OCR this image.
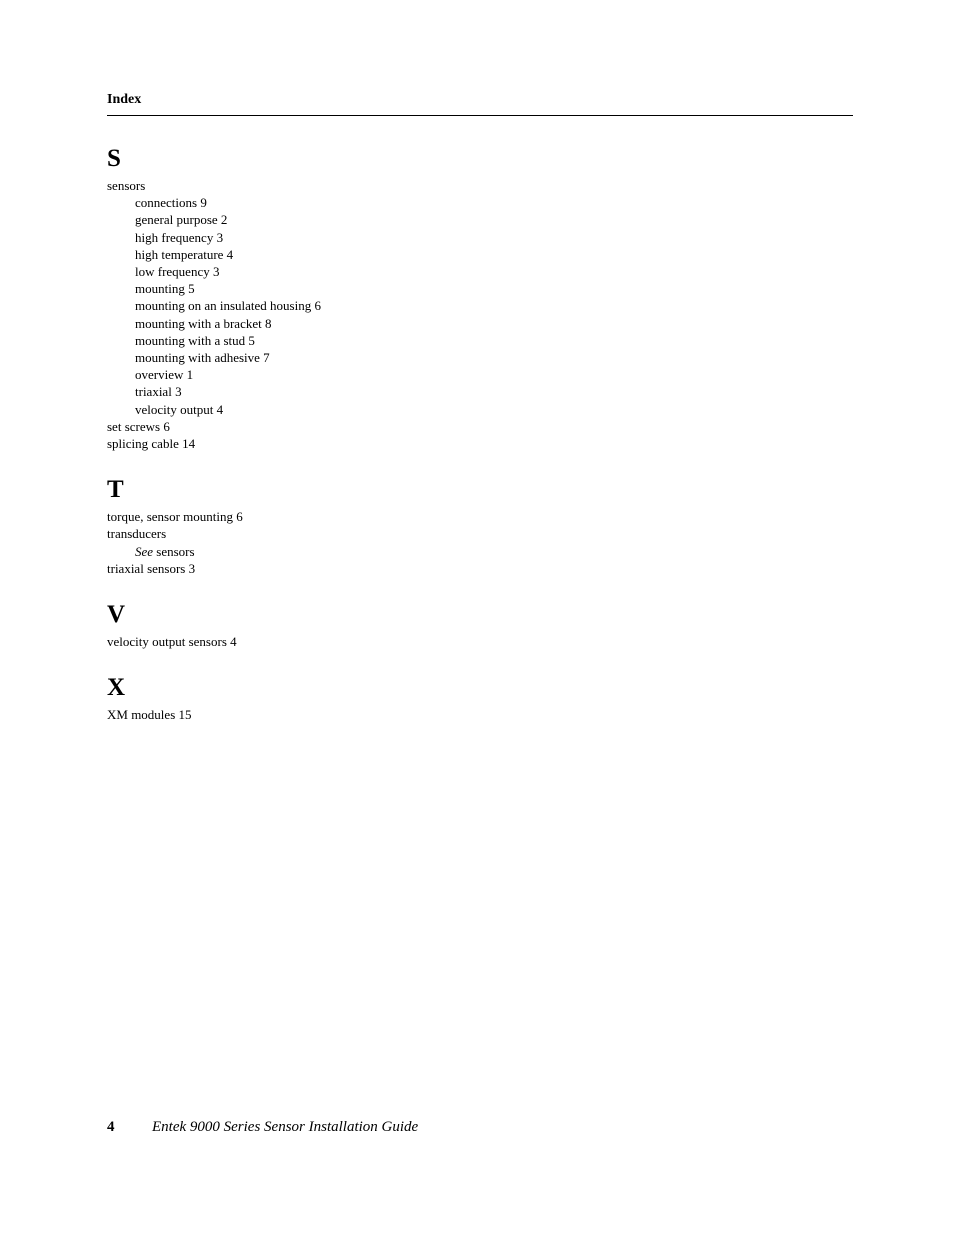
Index
S
sensors
connections 9
general purpose 2
high frequency 3
high temperature 4
low frequency 3
mounting 5
mounting on an insulated housing 6
mounting with a bracket 8
mounting with a stud 5
mounting with adhesive 7
overview 1
triaxial 3
velocity output 4
set screws 6
splicing cable 14
T
torque, sensor mounting 6
transducers
See sensors
triaxial sensors 3
V
velocity output sensors 4
X
XM modules 15
4	Entek 9000 Series Sensor Installation Guide
